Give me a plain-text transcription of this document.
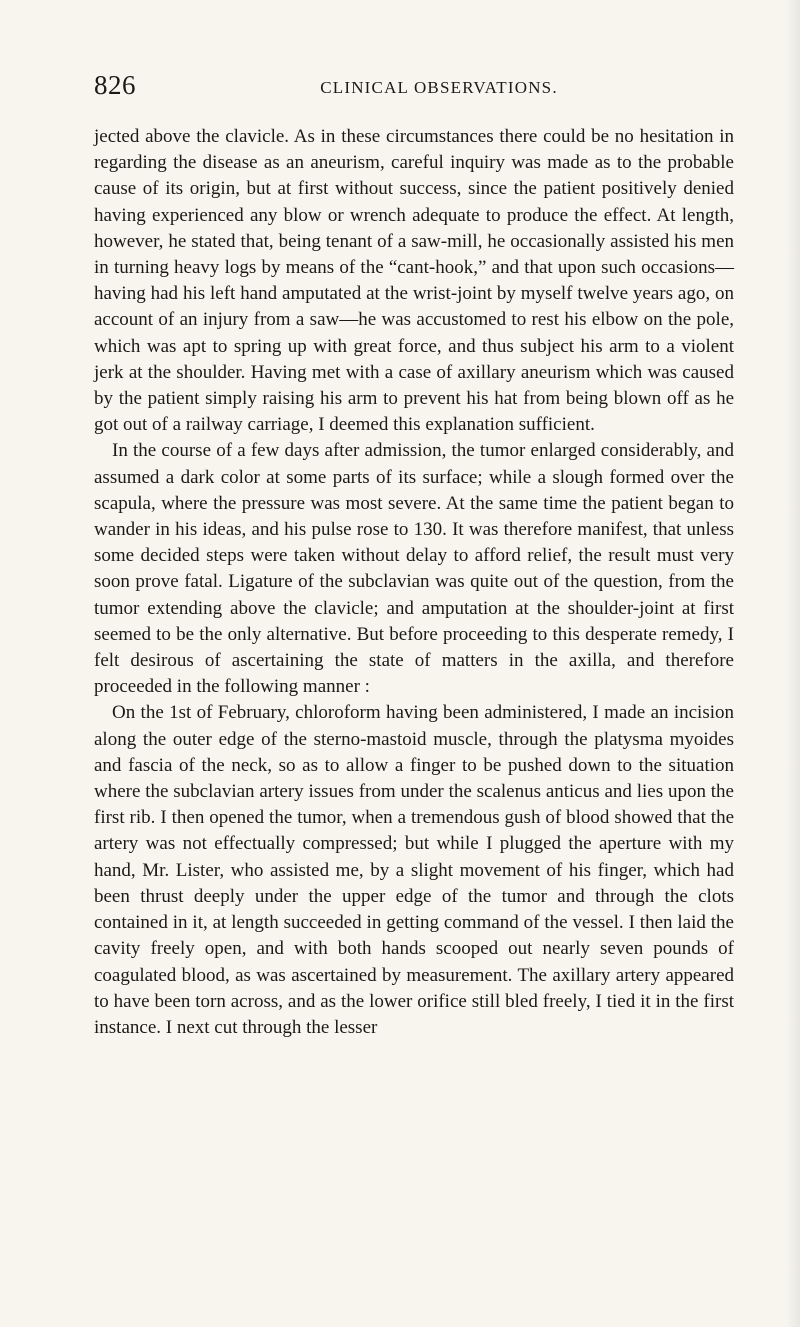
826	CLINICAL OBSERVATIONS.

jected above the clavicle. As in these circumstances there could be no hesitation in regarding the disease as an aneurism, careful inquiry was made as to the probable cause of its origin, but at first without success, since the patient positively denied having experienced any blow or wrench adequate to produce the effect. At length, however, he stated that, being tenant of a saw-mill, he occasionally assisted his men in turning heavy logs by means of the “cant-hook,” and that upon such occasions—having had his left hand amputated at the wrist-joint by myself twelve years ago, on account of an injury from a saw—he was accustomed to rest his elbow on the pole, which was apt to spring up with great force, and thus subject his arm to a violent jerk at the shoulder. Having met with a case of axillary aneurism which was caused by the patient simply raising his arm to prevent his hat from being blown off as he got out of a railway carriage, I deemed this explanation sufficient.

In the course of a few days after admission, the tumor enlarged considerably, and assumed a dark color at some parts of its surface; while a slough formed over the scapula, where the pressure was most severe. At the same time the patient began to wander in his ideas, and his pulse rose to 130. It was therefore manifest, that unless some decided steps were taken without delay to afford relief, the result must very soon prove fatal. Ligature of the subclavian was quite out of the question, from the tumor extending above the clavicle; and amputation at the shoulder-joint at first seemed to be the only alternative. But before proceeding to this desperate remedy, I felt desirous of ascertaining the state of matters in the axilla, and therefore proceeded in the following manner :

On the 1st of February, chloroform having been administered, I made an incision along the outer edge of the sterno-mastoid muscle, through the platysma myoides and fascia of the neck, so as to allow a finger to be pushed down to the situation where the subclavian artery issues from under the scalenus anticus and lies upon the first rib. I then opened the tumor, when a tremendous gush of blood showed that the artery was not effectually compressed; but while I plugged the aperture with my hand, Mr. Lister, who assisted me, by a slight movement of his finger, which had been thrust deeply under the upper edge of the tumor and through the clots contained in it, at length succeeded in getting command of the vessel. I then laid the cavity freely open, and with both hands scooped out nearly seven pounds of coagulated blood, as was ascertained by measurement. The axillary artery appeared to have been torn across, and as the lower orifice still bled freely, I tied it in the first instance. I next cut through the lesser
